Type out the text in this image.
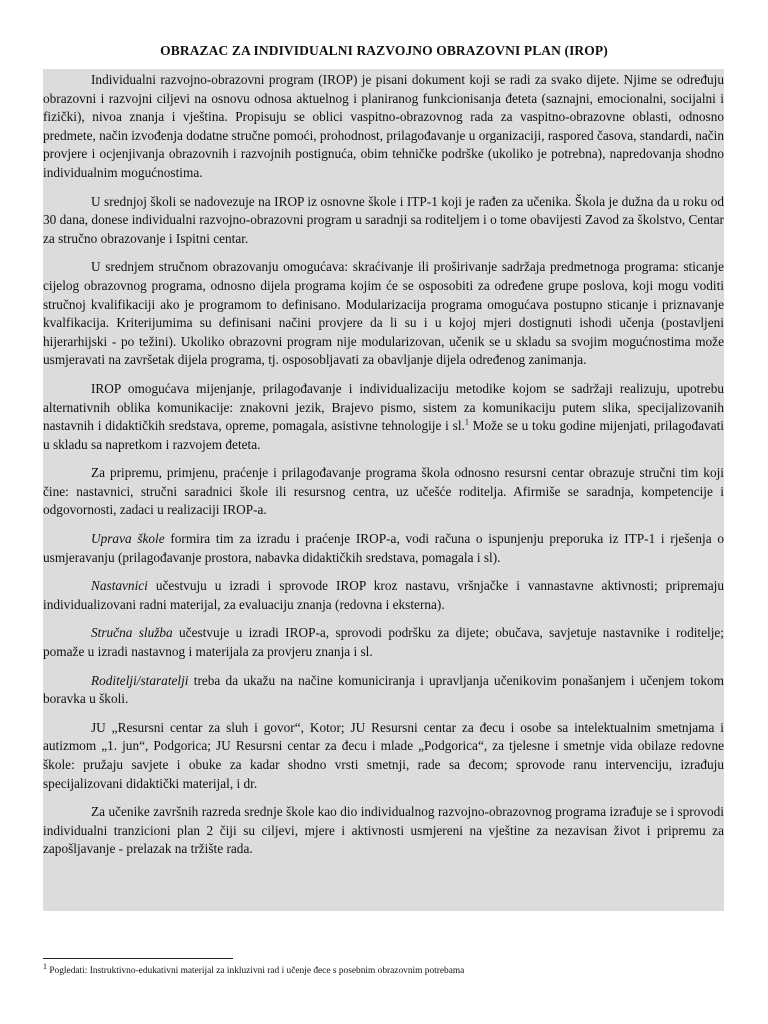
OBRAZAC ZA INDIVIDUALNI RAZVOJNO OBRAZOVNI PLAN (IROP)

Individualni razvojno-obrazovni program (IROP) je pisani dokument koji se radi za svako dijete. Njime se određuju obrazovni i razvojni ciljevi na osnovu odnosa aktuelnog i planiranog funkcionisanja đeteta (saznajni, emocionalni, socijalni i fizički), nivoa znanja i vještina. Propisuju se oblici vaspitno-obrazovnog rada za vaspitno-obrazovne oblasti, odnosno predmete, način izvođenja dodatne stručne pomoći, prohodnost, prilagođavanje u organizaciji, raspored časova, standardi, način provjere i ocjenjivanja obrazovnih i razvojnih postignuća, obim tehničke podrške (ukoliko je potrebna), napredovanja shodno individualnim mogućnostima.

U srednjoj školi se nadovezuje na IROP iz osnovne škole i ITP-1 koji je rađen za učenika. Škola je dužna da u roku od 30 dana, donese individualni razvojno-obrazovni program u saradnji sa roditeljem i o tome obavijesti Zavod za školstvo, Centar za stručno obrazovanje i Ispitni centar.

U srednjem stručnom obrazovanju omogućava: skraćivanje ili proširivanje sadržaja predmetnoga programa: sticanje cijelog obrazovnog programa, odnosno dijela programa kojim će se osposobiti za određene grupe poslova, koji mogu voditi stručnoj kvalifikaciji ako je programom to definisano. Modularizacija programa omogućava postupno sticanje i priznavanje kvalfikacija. Kriterijumima su definisani načini provjere da li su i u kojoj mjeri dostignuti ishodi učenja (postavljeni hijerarhijski - po težini). Ukoliko obrazovni program nije modularizovan, učenik se u skladu sa svojim mogućnostima može usmjeravati na završetak dijela programa, tj. osposobljavati za obavljanje dijela određenog zanimanja.

IROP omogućava mijenjanje, prilagođavanje i individualizaciju metodike kojom se sadržaji realizuju, upotrebu alternativnih oblika komunikacije: znakovni jezik, Brajevo pismo, sistem za komunikaciju putem slika, specijalizovanih nastavnih i didaktičkih sredstava, opreme, pomagala, asistivne tehnologije i sl.$^1$ Može se u toku godine mijenjati, prilagođavati u skladu sa napretkom i razvojem đeteta.

Za pripremu, primjenu, praćenje i prilagođavanje programa škola odnosno resursni centar obrazuje stručni tim koji čine: nastavnici, stručni saradnici škole ili resursnog centra, uz učešće roditelja. Afirmiše se saradnja, kompetencije i odgovornosti, zadaci u realizaciji IROP-a.

Uprava škole formira tim za izradu i praćenje IROP-a, vodi računa o ispunjenju preporuka iz ITP-1 i rješenja o usmjeravanju (prilagođavanje prostora, nabavka didaktičkih sredstava, pomagala i sl).

Nastavnici učestvuju u izradi i sprovode IROP kroz nastavu, vršnjačke i vannastavne aktivnosti; pripremaju individualizovani radni materijal, za evaluaciju znanja (redovna i eksterna).

Stručna služba učestvuje u izradi IROP-a, sprovodi podršku za dijete; obučava, savjetuje nastavnike i roditelje; pomaže u izradi nastavnog i materijala za provjeru znanja i sl.

Roditelji/staratelji treba da ukažu na načine komuniciranja i upravljanja učenikovim ponašanjem i učenjem tokom boravka u školi.

JU „Resursni centar za sluh i govor“, Kotor; JU Resursni centar za đecu i osobe sa intelektualnim smetnjama i autizmom „1. jun“, Podgorica; JU Resursni centar za đecu i mlade „Podgorica“, za tjelesne i smetnje vida obilaze redovne škole: pružaju savjete i obuke za kadar shodno vrsti smetnji, rade sa đecom; sprovode ranu intervenciju, izrađuju specijalizovani didaktički materijal, i dr.

Za učenike završnih razreda srednje škole kao dio individualnog razvojno-obrazovnog programa izrađuje se i sprovodi individualni tranzicioni plan 2 čiji su ciljevi, mjere i aktivnosti usmjereni na vještine za nezavisan život i pripremu za zapošljavanje - prelazak na tržište rada.

$^1$ Pogledati: Instruktivno-edukativni materijal za inkluzivni rad i učenje đece s posebnim obrazovnim potrebama
